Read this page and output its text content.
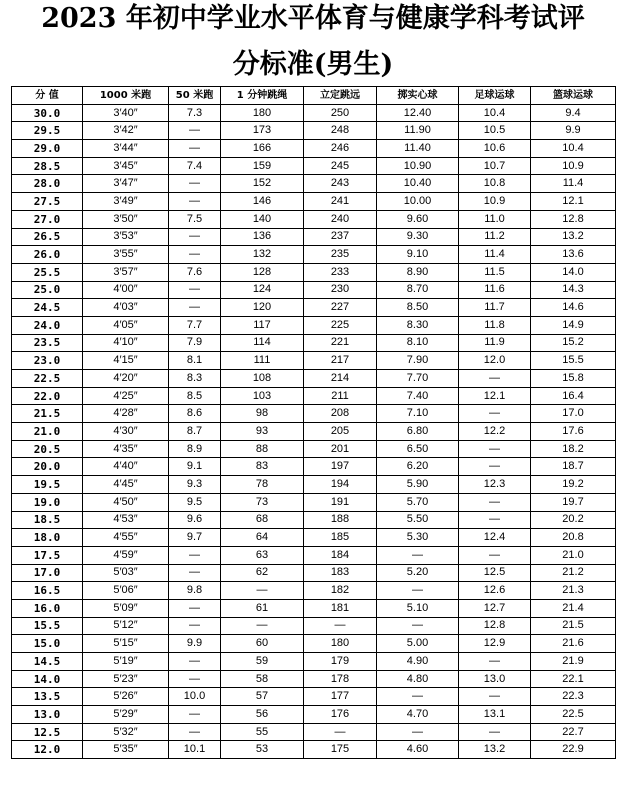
2023 年初中学业水平体育与健康学科考试评
分标准(男生)
分 值	1000 米跑	50 米跑	1 分钟跳绳	立定跳远	掷实心球	足球运球	篮球运球
30.0	3′40″	7.3	180	250	12.40	10.4	9.4
29.5	3′42″	—	173	248	11.90	10.5	9.9
29.0	3′44″	—	166	246	11.40	10.6	10.4
28.5	3′45″	7.4	159	245	10.90	10.7	10.9
28.0	3′47″	—	152	243	10.40	10.8	11.4
27.5	3′49″	—	146	241	10.00	10.9	12.1
27.0	3′50″	7.5	140	240	9.60	11.0	12.8
26.5	3′53″	—	136	237	9.30	11.2	13.2
26.0	3′55″	—	132	235	9.10	11.4	13.6
25.5	3′57″	7.6	128	233	8.90	11.5	14.0
25.0	4′00″	—	124	230	8.70	11.6	14.3
24.5	4′03″	—	120	227	8.50	11.7	14.6
24.0	4′05″	7.7	117	225	8.30	11.8	14.9
23.5	4′10″	7.9	114	221	8.10	11.9	15.2
23.0	4′15″	8.1	111	217	7.90	12.0	15.5
22.5	4′20″	8.3	108	214	7.70	—	15.8
22.0	4′25″	8.5	103	211	7.40	12.1	16.4
21.5	4′28″	8.6	98	208	7.10	—	17.0
21.0	4′30″	8.7	93	205	6.80	12.2	17.6
20.5	4′35″	8.9	88	201	6.50	—	18.2
20.0	4′40″	9.1	83	197	6.20	—	18.7
19.5	4′45″	9.3	78	194	5.90	12.3	19.2
19.0	4′50″	9.5	73	191	5.70	—	19.7
18.5	4′53″	9.6	68	188	5.50	—	20.2
18.0	4′55″	9.7	64	185	5.30	12.4	20.8
17.5	4′59″	—	63	184	—	—	21.0
17.0	5′03″	—	62	183	5.20	12.5	21.2
16.5	5′06″	9.8	—	182	—	12.6	21.3
16.0	5′09″	—	61	181	5.10	12.7	21.4
15.5	5′12″	—	—	—	—	12.8	21.5
15.0	5′15″	9.9	60	180	5.00	12.9	21.6
14.5	5′19″	—	59	179	4.90	—	21.9
14.0	5′23″	—	58	178	4.80	13.0	22.1
13.5	5′26″	10.0	57	177	—	—	22.3
13.0	5′29″	—	56	176	4.70	13.1	22.5
12.5	5′32″	—	55	—	—	—	22.7
12.0	5′35″	10.1	53	175	4.60	13.2	22.9
